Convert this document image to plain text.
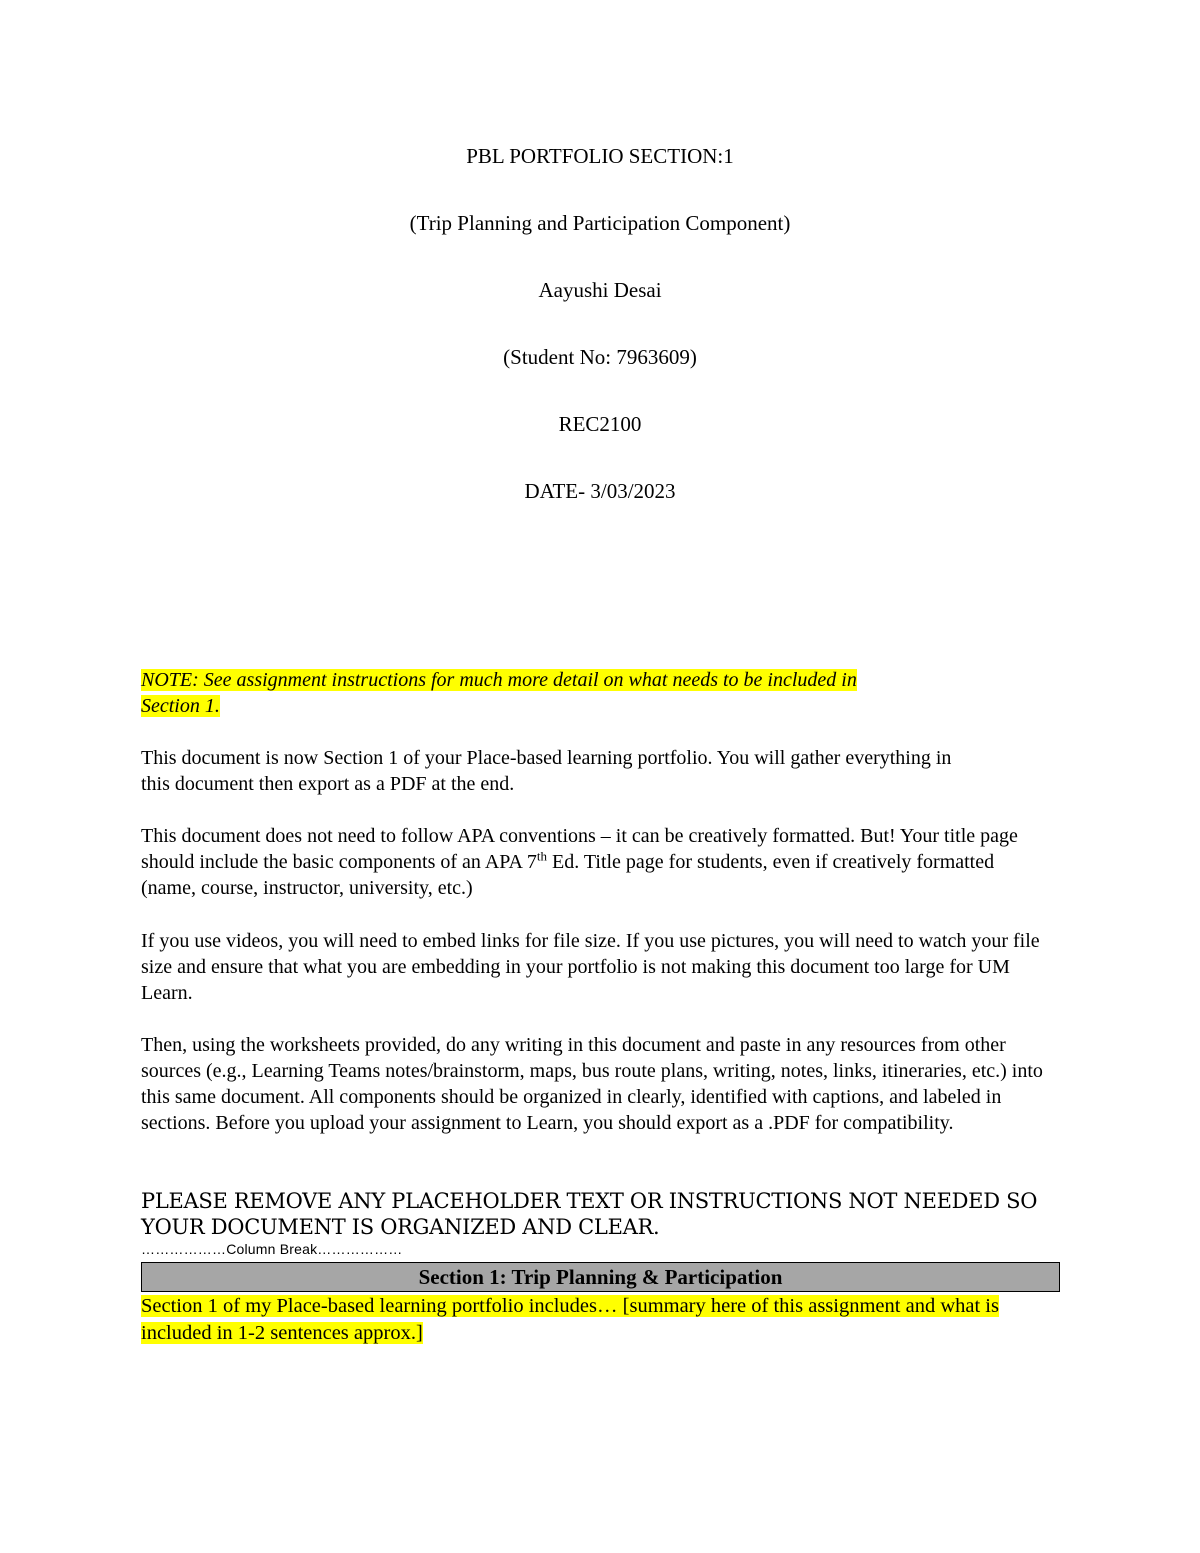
PBL PORTFOLIO SECTION:1
(Trip Planning and Participation Component)
Aayushi Desai
(Student No: 7963609)
REC2100
DATE- 3/03/2023
NOTE: See assignment instructions for much more detail on what needs to be included in
Section 1.
This document is now Section 1 of your Place-based learning portfolio. You will gather everything in this document then export as a PDF at the end.
This document does not need to follow APA conventions – it can be creatively formatted. But! Your title page should include the basic components of an APA 7th Ed. Title page for students, even if creatively formatted (name, course, instructor, university, etc.)
If you use videos, you will need to embed links for file size. If you use pictures, you will need to watch your file size and ensure that what you are embedding in your portfolio is not making this document too large for UM Learn.
Then, using the worksheets provided, do any writing in this document and paste in any resources from other sources (e.g., Learning Teams notes/brainstorm, maps, bus route plans, writing, notes, links, itineraries, etc.) into this same document. All components should be organized in clearly, identified with captions, and labeled in sections. Before you upload your assignment to Learn, you should export as a .PDF for compatibility.
PLEASE REMOVE ANY PLACEHOLDER TEXT OR INSTRUCTIONS NOT NEEDED SO YOUR DOCUMENT IS ORGANIZED AND CLEAR.
………………Column Break………………
Section 1: Trip Planning & Participation
Section 1 of my Place-based learning portfolio includes… [summary here of this assignment and what is included in 1-2 sentences approx.]
